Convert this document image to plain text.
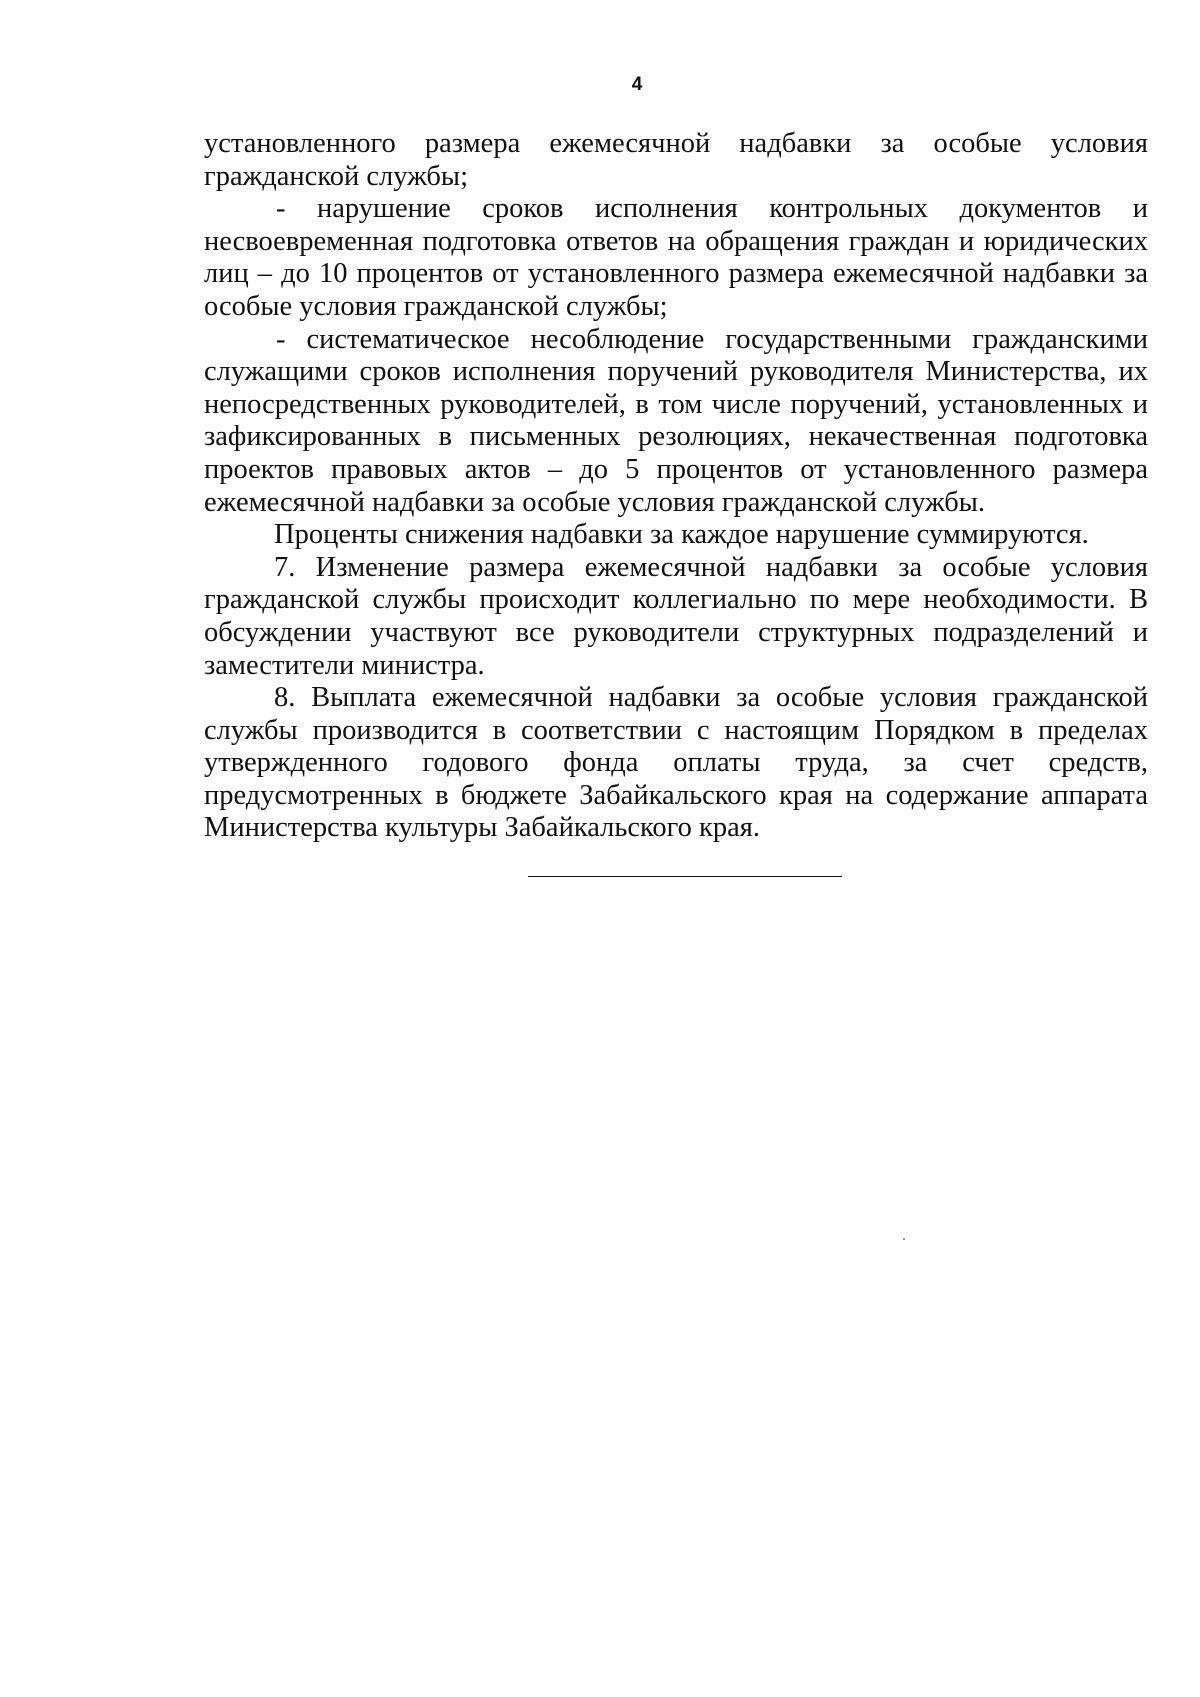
4

установленного размера ежемесячной надбавки за особые условия гражданской службы;

- нарушение сроков исполнения контрольных документов и несвоевременная подготовка ответов на обращения граждан и юридических лиц – до 10 процентов от установленного размера ежемесячной надбавки за особые условия гражданской службы;

- систематическое несоблюдение государственными гражданскими служащими сроков исполнения поручений руководителя Министерства, их непосредственных руководителей, в том числе поручений, установленных и зафиксированных в письменных резолюциях, некачественная подготовка проектов правовых актов – до 5 процентов от установленного размера ежемесячной надбавки за особые условия гражданской службы.

Проценты снижения надбавки за каждое нарушение суммируются.

7. Изменение размера ежемесячной надбавки за особые условия гражданской службы происходит коллегиально по мере необходимости. В обсуждении участвуют все руководители структурных подразделений и заместители министра.

8. Выплата ежемесячной надбавки за особые условия гражданской службы производится в соответствии с настоящим Порядком в пределах утвержденного годового фонда оплаты труда, за счет средств, предусмотренных в бюджете Забайкальского края на содержание аппарата Министерства культуры Забайкальского края.
